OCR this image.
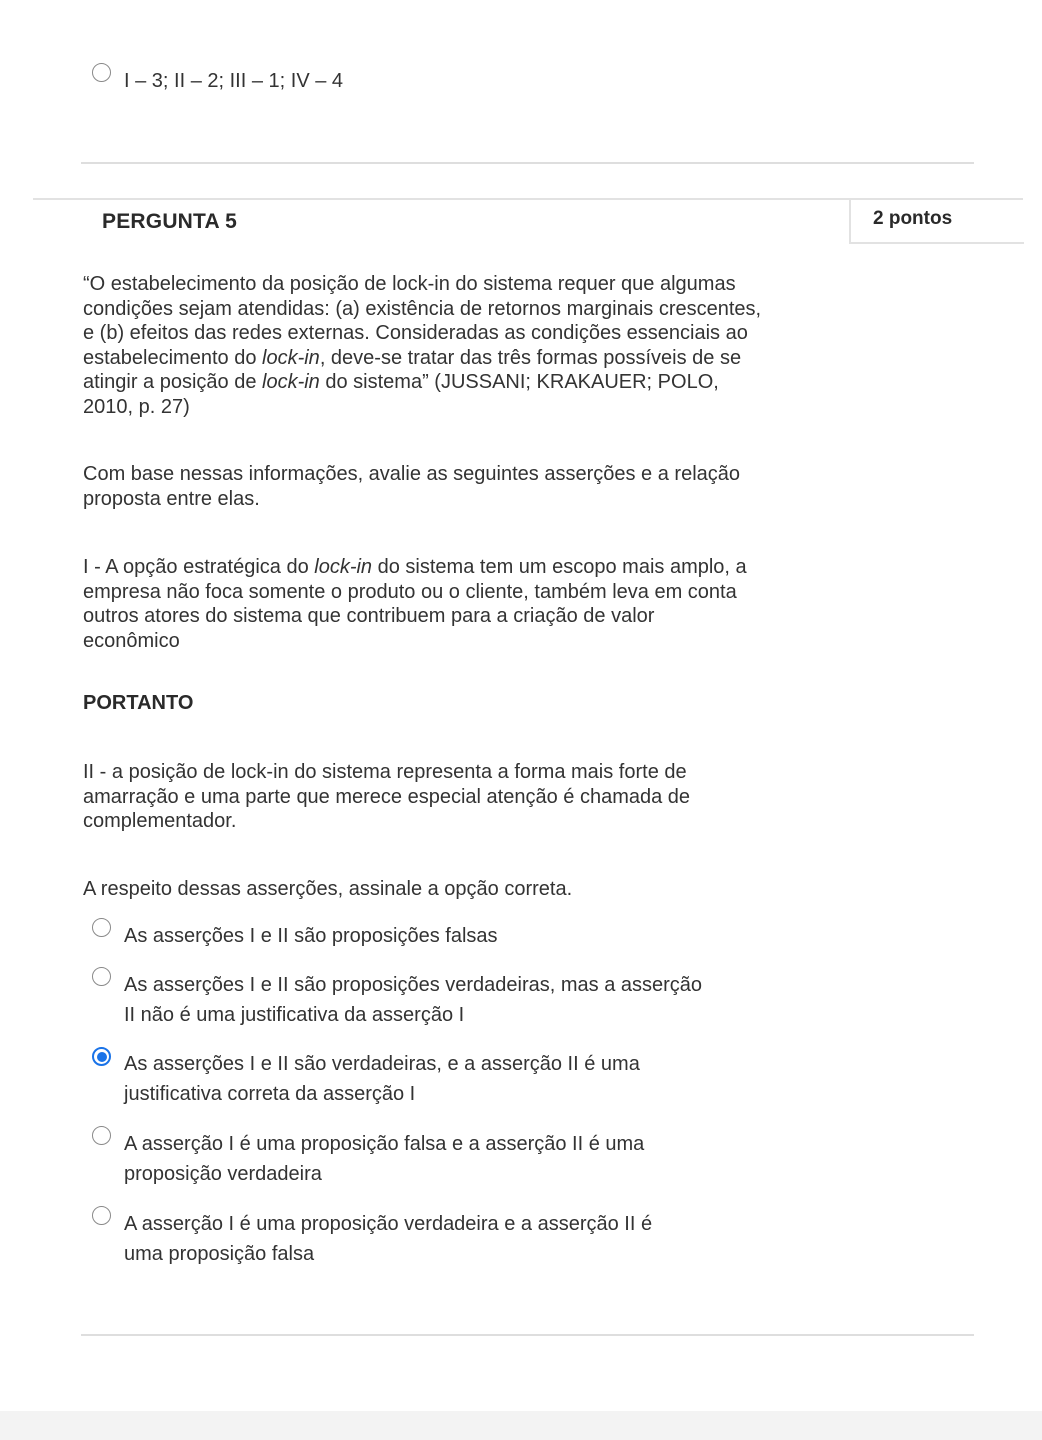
I – 3; II – 2; III – 1; IV – 4
PERGUNTA 5	2 pontos
“O estabelecimento da posição de lock-in do sistema requer que algumas condições sejam atendidas: (a) existência de retornos marginais crescentes, e (b) efeitos das redes externas. Consideradas as condições essenciais ao estabelecimento do lock-in, deve-se tratar das três formas possíveis de se atingir a posição de lock-in do sistema” (JUSSANI; KRAKAUER; POLO, 2010, p. 27)
Com base nessas informações, avalie as seguintes asserções e a relação proposta entre elas.
I - A opção estratégica do lock-in do sistema tem um escopo mais amplo, a empresa não foca somente o produto ou o cliente, também leva em conta outros atores do sistema que contribuem para a criação de valor econômico
PORTANTO
II - a posição de lock-in do sistema representa a forma mais forte de amarração e uma parte que merece especial atenção é chamada de complementador.
A respeito dessas asserções, assinale a opção correta.
As asserções I e II são proposições falsas
As asserções I e II são proposições verdadeiras, mas a asserção
II não é uma justificativa da asserção I
As asserções I e II são verdadeiras, e a asserção II é uma
justificativa correta da asserção I
A asserção I é uma proposição falsa e a asserção II é uma
proposição verdadeira
A asserção I é uma proposição verdadeira e a asserção II é
uma proposição falsa
